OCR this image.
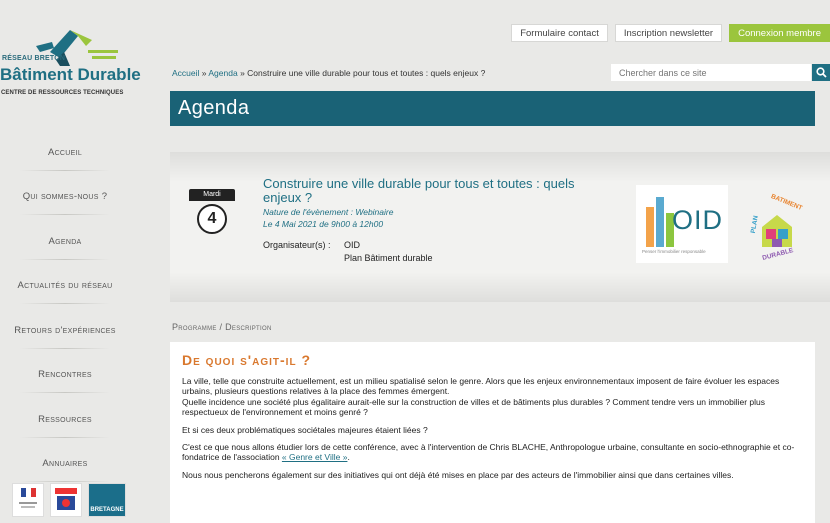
RÉSEAU BRETON
Bâtiment Durable
CENTRE DE RESSOURCES TECHNIQUES
Accueil
Qui sommes-nous ?
Agenda
Actualités du réseau
Retours d'expériences
Rencontres
Ressources
Annuaires
BRETAGNE
Formulaire contact	Inscription newsletter	Connexion membre
Accueil » Agenda » Construire une ville durable pour tous et toutes : quels enjeux ?
Chercher dans ce site
Agenda
Mardi
4
Construire une ville durable pour tous et toutes : quels enjeux ?
Nature de l'évènement : Webinaire
Le 4 Mai 2021 de 9h00 à 12h00
Organisateur(s) : OID
Plan Bâtiment durable
OID
Penser l'immobilier responsable
BATIMENT
PLAN
DURABLE
Programme / Description
De quoi s'agit-il ?

La ville, telle que construite actuellement, est un milieu spatialisé selon le genre. Alors que les enjeux environnementaux imposent de faire évoluer les espaces urbains, plusieurs questions relatives à la place des femmes émergent.
Quelle incidence une société plus égalitaire aurait-elle sur la construction de villes et de bâtiments plus durables ? Comment tendre vers un immobilier plus respectueux de l'environnement et moins genré ?

Et si ces deux problématiques sociétales majeures étaient liées ?

C'est ce que nous allons étudier lors de cette conférence, avec à l'intervention de Chris BLACHE, Anthropologue urbaine, consultante en socio-ethnographie et co-fondatrice de l'association « Genre et Ville ».

Nous nous pencherons également sur des initiatives qui ont déjà été mises en place par des acteurs de l'immobilier ainsi que dans certaines villes.
